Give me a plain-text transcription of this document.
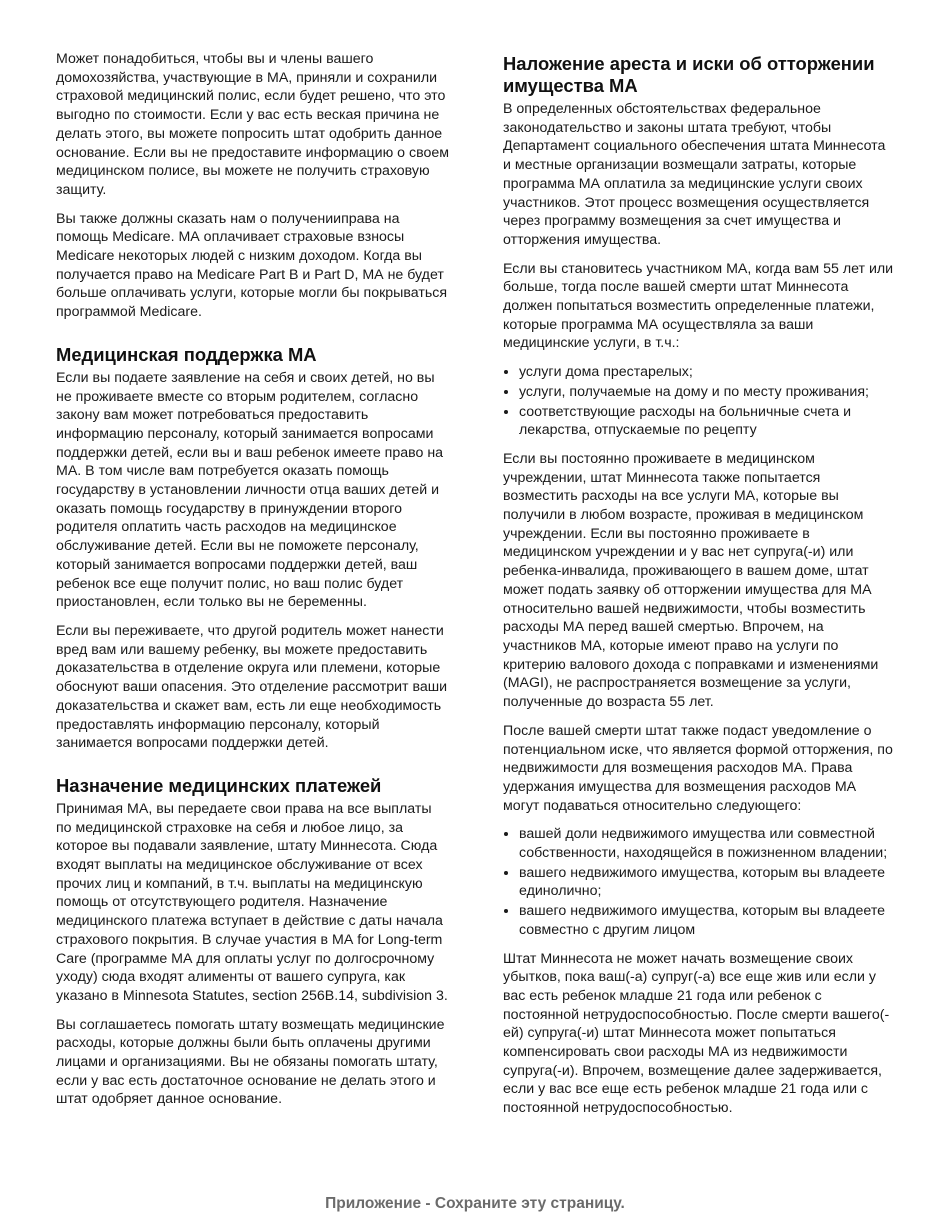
Может понадобиться, чтобы вы и члены вашего домохозяйства, участвующие в МА, приняли и сохранили страховой медицинский полис, если будет решено, что это выгодно по стоимости. Если у вас есть веская причина не делать этого, вы можете попросить штат одобрить данное основание. Если вы не предоставите информацию о своем медицинском полисе, вы можете не получить страховую защиту.

Вы также должны сказать нам о полученииправа на помощь Medicare. МА оплачивает страховые взносы Medicare некоторых людей с низким доходом. Когда вы получается право на Medicare Part B и Part D, МА не будет больше оплачивать услуги, которые могли бы покрываться программой Medicare.

Медицинская поддержка МА

Если вы подаете заявление на себя и своих детей, но вы не проживаете вместе со вторым родителем, согласно закону вам может потребоваться предоставить информацию персоналу, который занимается вопросами поддержки детей, если вы и ваш ребенок имеете право на МА. В том числе вам потребуется оказать помощь государству в установлении личности отца ваших детей и оказать помощь государству в принуждении второго родителя оплатить часть расходов на медицинское обслуживание детей. Если вы не поможете персоналу, который занимается вопросами поддержки детей, ваш ребенок все еще получит полис, но ваш полис будет приостановлен, если только вы не беременны.

Если вы переживаете, что другой родитель может нанести вред вам или вашему ребенку, вы можете предоставить доказательства в отделение округа или племени, которые обоснуют ваши опасения. Это отделение рассмотрит ваши доказательства и скажет вам, есть ли еще необходимость предоставлять информацию персоналу, который занимается вопросами поддержки детей.

Назначение медицинских платежей

Принимая МА, вы передаете свои права на все выплаты по медицинской страховке на себя и любое лицо, за которое вы подавали заявление, штату Миннесота. Сюда входят выплаты на медицинское обслуживание от всех прочих лиц и компаний, в т.ч. выплаты на медицинскую помощь от отсутствующего родителя. Назначение медицинского платежа вступает в действие с даты начала страхового покрытия. В случае участия в МА for Long-term Care (программе МА для оплаты услуг по долгосрочному уходу) сюда входят алименты от вашего супруга, как указано в Minnesota Statutes, section 256B.14, subdivision 3.

Вы соглашаетесь помогать штату возмещать медицинские расходы, которые должны были быть оплачены другими лицами и организациями. Вы не обязаны помогать штату, если у вас есть достаточное основание не делать этого и штат одобряет данное основание.

Наложение ареста и иски об отторжении имущества МА

В определенных обстоятельствах федеральное законодательство и законы штата требуют, чтобы Департамент социального обеспечения штата Миннесота и местные организации возмещали затраты, которые программа МА оплатила за медицинские услуги своих участников. Этот процесс возмещения осуществляется через программу возмещения за счет имущества и отторжения имущества.

Если вы становитесь участником МА, когда вам 55 лет или больше, тогда после вашей смерти штат Миннесота должен попытаться возместить определенные платежи, которые программа МА осуществляла за ваши медицинские услуги, в т.ч.:

• услуги дома престарелых;
• услуги, получаемые на дому и по месту проживания;
• соответствующие расходы на больничные счета и лекарства, отпускаемые по рецепту

Если вы постоянно проживаете в медицинском учреждении, штат Миннесота также попытается возместить расходы на все услуги МА, которые вы получили в любом возрасте, проживая в медицинском учреждении. Если вы постоянно проживаете в медицинском учреждении и у вас нет супруга(-и) или ребенка-инвалида, проживающего в вашем доме, штат может подать заявку об отторжении имущества для МА относительно вашей недвижимости, чтобы возместить расходы МА перед вашей смертью. Впрочем, на участников МА, которые имеют право на услуги по критерию валового дохода с поправками и изменениями (MAGI), не распространяется возмещение за услуги, полученные до возраста 55 лет.

После вашей смерти штат также подаст уведомление о потенциальном иске, что является формой отторжения, по недвижимости для возмещения расходов МА. Права удержания имущества для возмещения расходов МА могут подаваться относительно следующего:

• вашей доли недвижимого имущества или совместной собственности, находящейся в пожизненном владении;
• вашего недвижимого имущества, которым вы владеете единолично;
• вашего недвижимого имущества, которым вы владеете совместно с другим лицом

Штат Миннесота не может начать возмещение своих убытков, пока ваш(-а) супруг(-а) все еще жив или если у вас есть ребенок младше 21 года или ребенок с постоянной нетрудоспособностью. После смерти вашего(-ей) супруга(-и) штат Миннесота может попытаться компенсировать свои расходы МА из недвижимости супруга(-и). Впрочем, возмещение далее задерживается, если у вас все еще есть ребенок младше 21 года или с постоянной нетрудоспособностью.

Приложение - Сохраните эту страницу.
